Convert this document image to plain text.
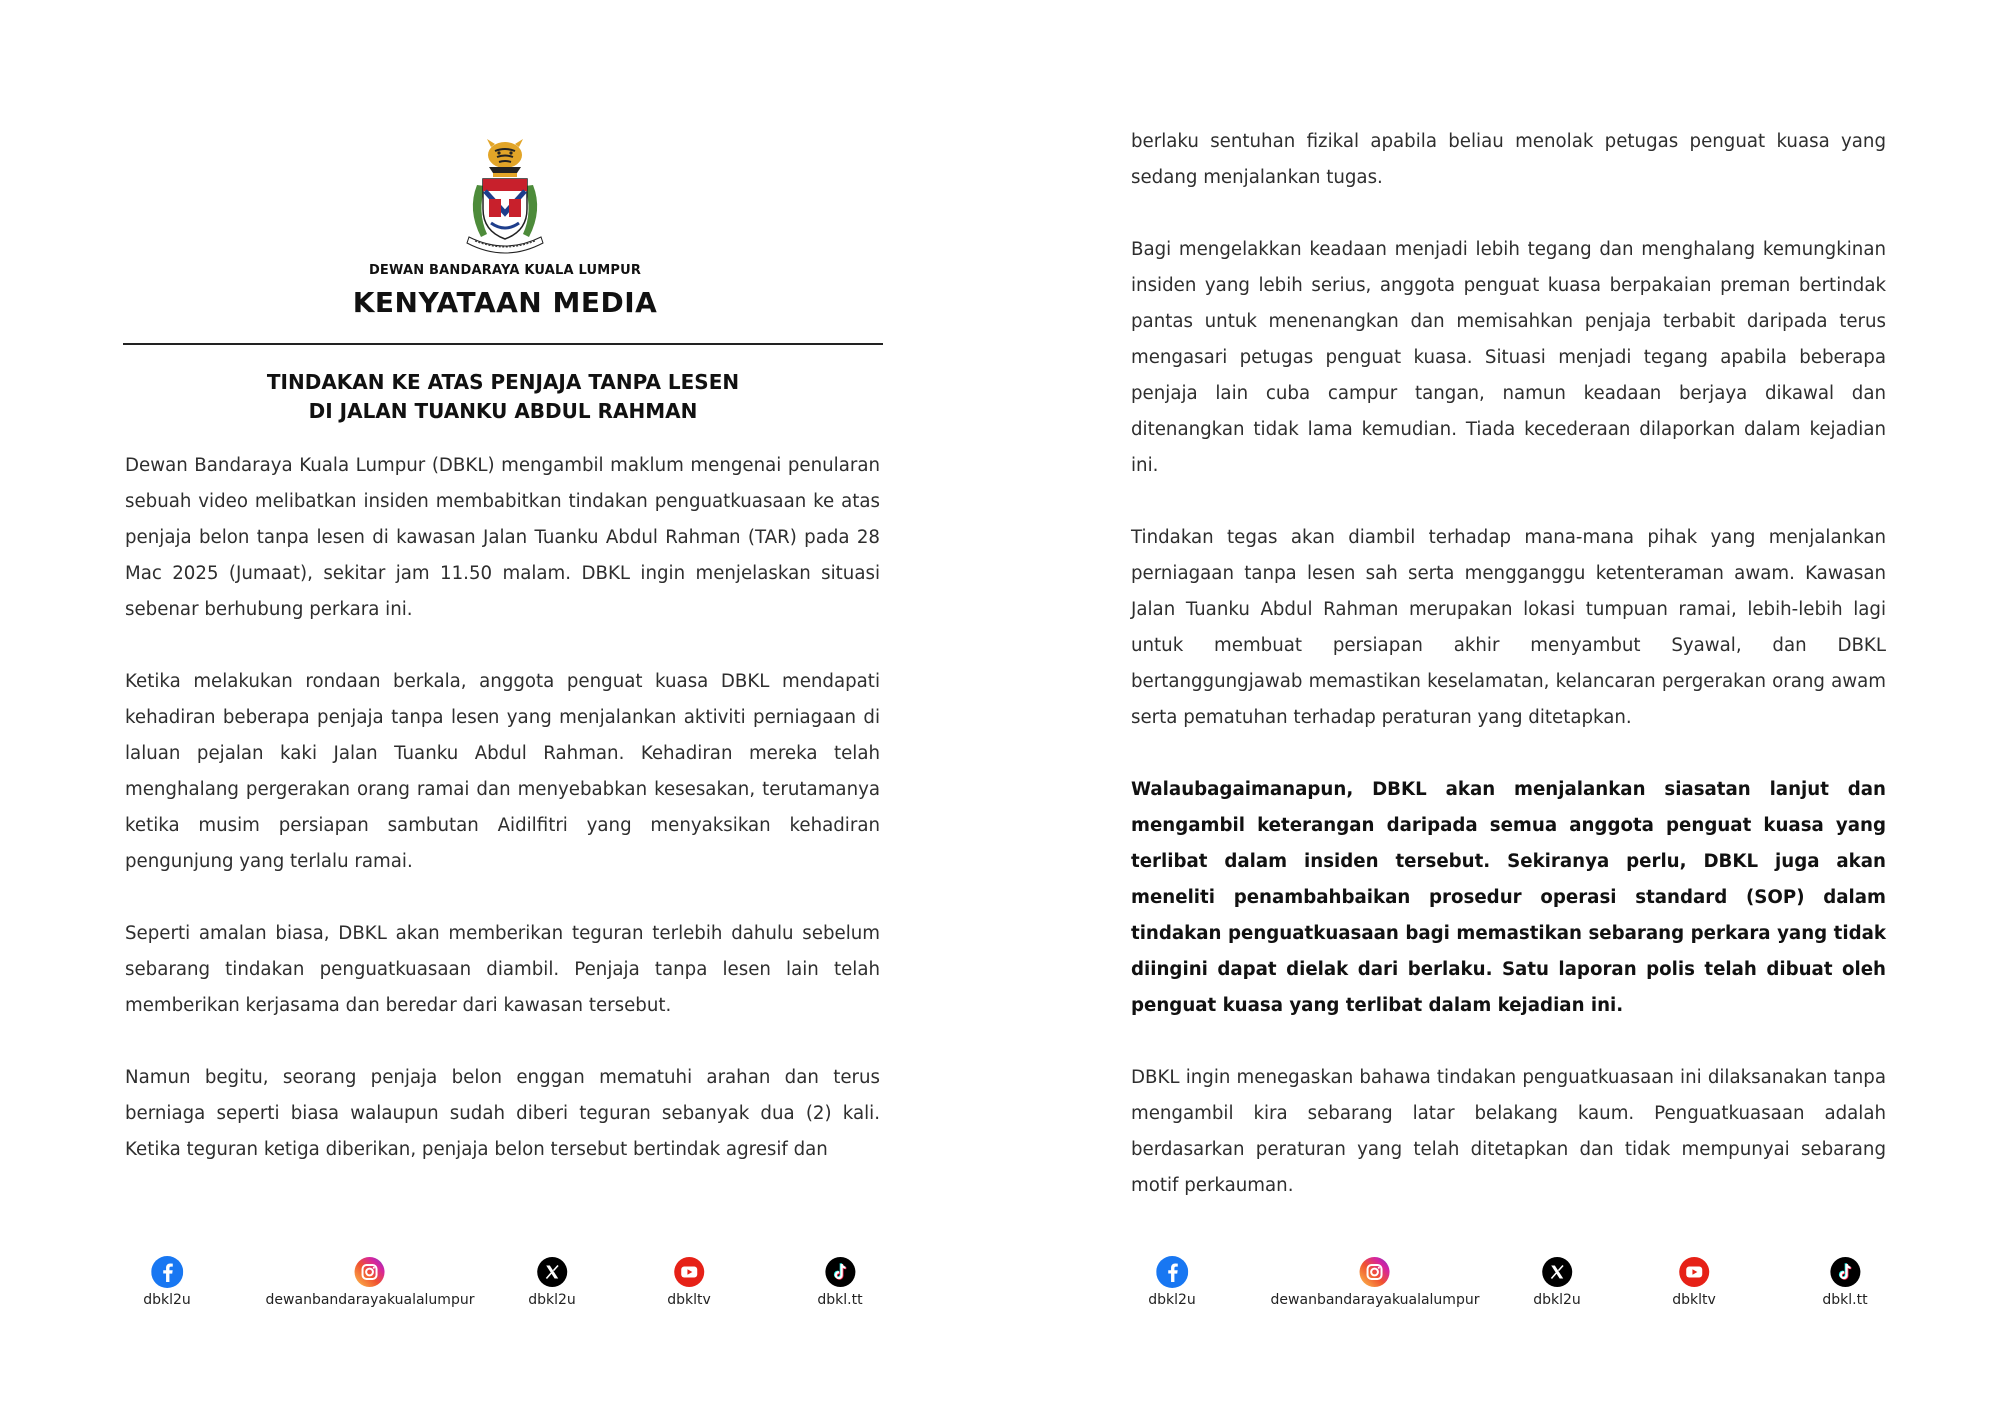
DEWAN BANDARAYA KUALA LUMPUR
KENYATAAN MEDIA
TINDAKAN KE ATAS PENJAJA TANPA LESEN
DI JALAN TUANKU ABDUL RAHMAN

Dewan Bandaraya Kuala Lumpur (DBKL) mengambil maklum mengenai penularan sebuah video melibatkan insiden membabitkan tindakan penguatkuasaan ke atas penjaja belon tanpa lesen di kawasan Jalan Tuanku Abdul Rahman (TAR) pada 28 Mac 2025 (Jumaat), sekitar jam 11.50 malam. DBKL ingin menjelaskan situasi sebenar berhubung perkara ini.

Ketika melakukan rondaan berkala, anggota penguat kuasa DBKL mendapati kehadiran beberapa penjaja tanpa lesen yang menjalankan aktiviti perniagaan di laluan pejalan kaki Jalan Tuanku Abdul Rahman. Kehadiran mereka telah menghalang pergerakan orang ramai dan menyebabkan kesesakan, terutamanya ketika musim persiapan sambutan Aidilfitri yang menyaksikan kehadiran pengunjung yang terlalu ramai.

Seperti amalan biasa, DBKL akan memberikan teguran terlebih dahulu sebelum sebarang tindakan penguatkuasaan diambil. Penjaja tanpa lesen lain telah memberikan kerjasama dan beredar dari kawasan tersebut.

Namun begitu, seorang penjaja belon enggan mematuhi arahan dan terus berniaga seperti biasa walaupun sudah diberi teguran sebanyak dua (2) kali. Ketika teguran ketiga diberikan, penjaja belon tersebut bertindak agresif dan

dbkl2u	dewanbandarayakualalumpur	dbkl2u	dbkltv	dbkl.tt

berlaku sentuhan fizikal apabila beliau menolak petugas penguat kuasa yang sedang menjalankan tugas.

Bagi mengelakkan keadaan menjadi lebih tegang dan menghalang kemungkinan insiden yang lebih serius, anggota penguat kuasa berpakaian preman bertindak pantas untuk menenangkan dan memisahkan penjaja terbabit daripada terus mengasari petugas penguat kuasa. Situasi menjadi tegang apabila beberapa penjaja lain cuba campur tangan, namun keadaan berjaya dikawal dan ditenangkan tidak lama kemudian. Tiada kecederaan dilaporkan dalam kejadian ini.

Tindakan tegas akan diambil terhadap mana-mana pihak yang menjalankan perniagaan tanpa lesen sah serta mengganggu ketenteraman awam. Kawasan Jalan Tuanku Abdul Rahman merupakan lokasi tumpuan ramai, lebih-lebih lagi untuk membuat persiapan akhir menyambut Syawal, dan DBKL bertanggungjawab memastikan keselamatan, kelancaran pergerakan orang awam serta pematuhan terhadap peraturan yang ditetapkan.

Walaubagaimanapun, DBKL akan menjalankan siasatan lanjut dan mengambil keterangan daripada semua anggota penguat kuasa yang terlibat dalam insiden tersebut. Sekiranya perlu, DBKL juga akan meneliti penambahbaikan prosedur operasi standard (SOP) dalam tindakan penguatkuasaan bagi memastikan sebarang perkara yang tidak diingini dapat dielak dari berlaku. Satu laporan polis telah dibuat oleh penguat kuasa yang terlibat dalam kejadian ini.

DBKL ingin menegaskan bahawa tindakan penguatkuasaan ini dilaksanakan tanpa mengambil kira sebarang latar belakang kaum. Penguatkuasaan adalah berdasarkan peraturan yang telah ditetapkan dan tidak mempunyai sebarang motif perkauman.

dbkl2u	dewanbandarayakualalumpur	dbkl2u	dbkltv	dbkl.tt
